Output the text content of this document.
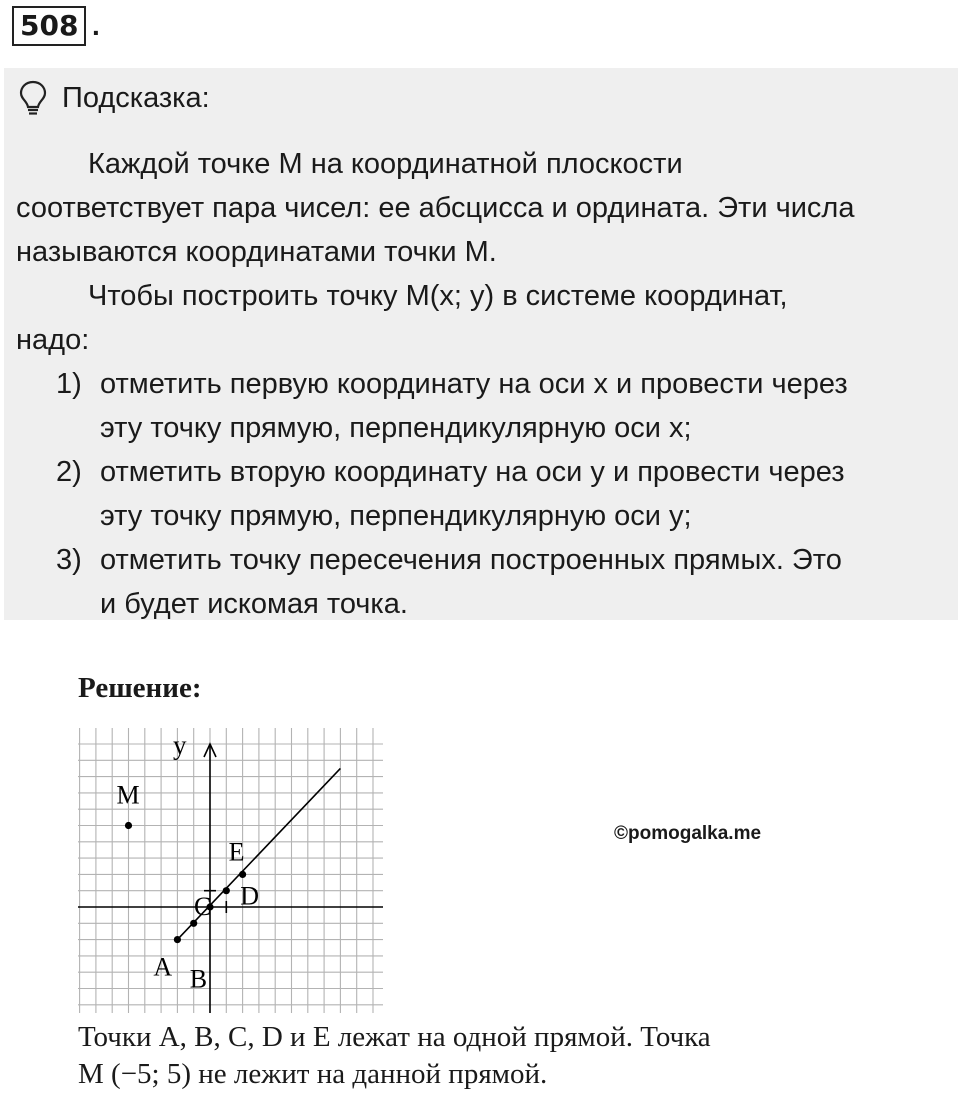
508 .
Подсказка:

Каждой точке М на координатной плоскости

соответствует пара чисел: ее абсцисса и ордината. Эти числа

называются координатами точки М.

Чтобы построить точку М(x; y) в системе координат,

надо:

1) отметить первую координату на оси x и провести через
эту точку прямую, перпендикулярную оси x;
2) отметить вторую координату на оси y и провести через
эту точку прямую, перпендикулярную оси y;
3) отметить точку пересечения построенных прямых. Это
и будет искомая точка.
Решение:
y
A B
C D
E
M
©pomogalka.me
Точки A, B, C, D и E лежат на одной прямой. Точка
M (−5; 5) не лежит на данной прямой.
